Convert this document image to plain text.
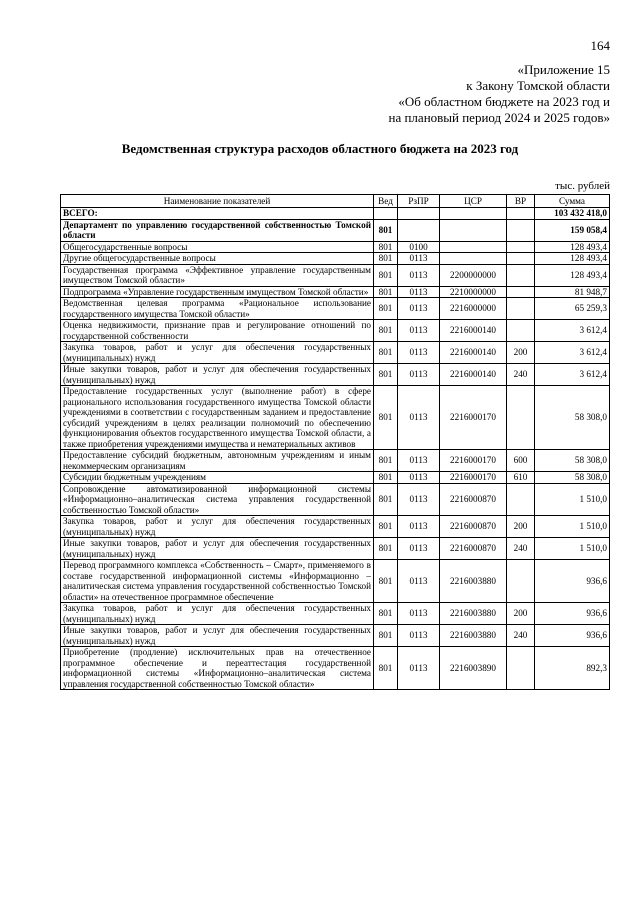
164
«Приложение 15
к Закону Томской области
«Об областном бюджете на 2023 год и
на плановый период 2024 и 2025 годов»
Ведомственная структура расходов областного бюджета на 2023 год
тыс. рублей
Наименование показателей	Вед	РзПР	ЦСР	ВР	Сумма
ВСЕГО:					103 432 418,0
Департамент по управлению государственной собственностью Томской области	801				159 058,4
Общегосударственные вопросы	801	0100			128 493,4
Другие общегосударственные вопросы	801	0113			128 493,4
Государственная программа «Эффективное управление государственным имуществом Томской области»	801	0113	2200000000		128 493,4
Подпрограмма «Управление государственным имуществом Томской области»	801	0113	2210000000		81 948,7
Ведомственная целевая программа «Рациональное использование государственного имущества Томской области»	801	0113	2216000000		65 259,3
Оценка недвижимости, признание прав и регулирование отношений по государственной собственности	801	0113	2216000140		3 612,4
Закупка товаров, работ и услуг для обеспечения государственных (муниципальных) нужд	801	0113	2216000140	200	3 612,4
Иные закупки товаров, работ и услуг для обеспечения государственных (муниципальных) нужд	801	0113	2216000140	240	3 612,4
Предоставление государственных услуг (выполнение работ) в сфере рационального использования государственного имущества Томской области учреждениями в соответствии с государственным заданием и предоставление субсидий учреждениям в целях реализации полномочий по обеспечению функционирования объектов государственного имущества Томской области, а также приобретения учреждениями имущества и нематериальных активов	801	0113	2216000170		58 308,0
Предоставление субсидий бюджетным, автономным учреждениям и иным некоммерческим организациям	801	0113	2216000170	600	58 308,0
Субсидии бюджетным учреждениям	801	0113	2216000170	610	58 308,0
Сопровождение автоматизированной информационной системы «Информационно–аналитическая система управления государственной собственностью Томской области»	801	0113	2216000870		1 510,0
Закупка товаров, работ и услуг для обеспечения государственных (муниципальных) нужд	801	0113	2216000870	200	1 510,0
Иные закупки товаров, работ и услуг для обеспечения государственных (муниципальных) нужд	801	0113	2216000870	240	1 510,0
Перевод программного комплекса «Собственность – Смарт», применяемого в составе государственной информационной системы «Информационно – аналитическая система управления государственной собственностью Томской области» на отечественное программное обеспечение	801	0113	2216003880		936,6
Закупка товаров, работ и услуг для обеспечения государственных (муниципальных) нужд	801	0113	2216003880	200	936,6
Иные закупки товаров, работ и услуг для обеспечения государственных (муниципальных) нужд	801	0113	2216003880	240	936,6
Приобретение (продление) исключительных прав на отечественное программное обеспечение и переаттестация государственной информационной системы «Информационно–аналитическая система управления государственной собственностью Томской области»	801	0113	2216003890		892,3
